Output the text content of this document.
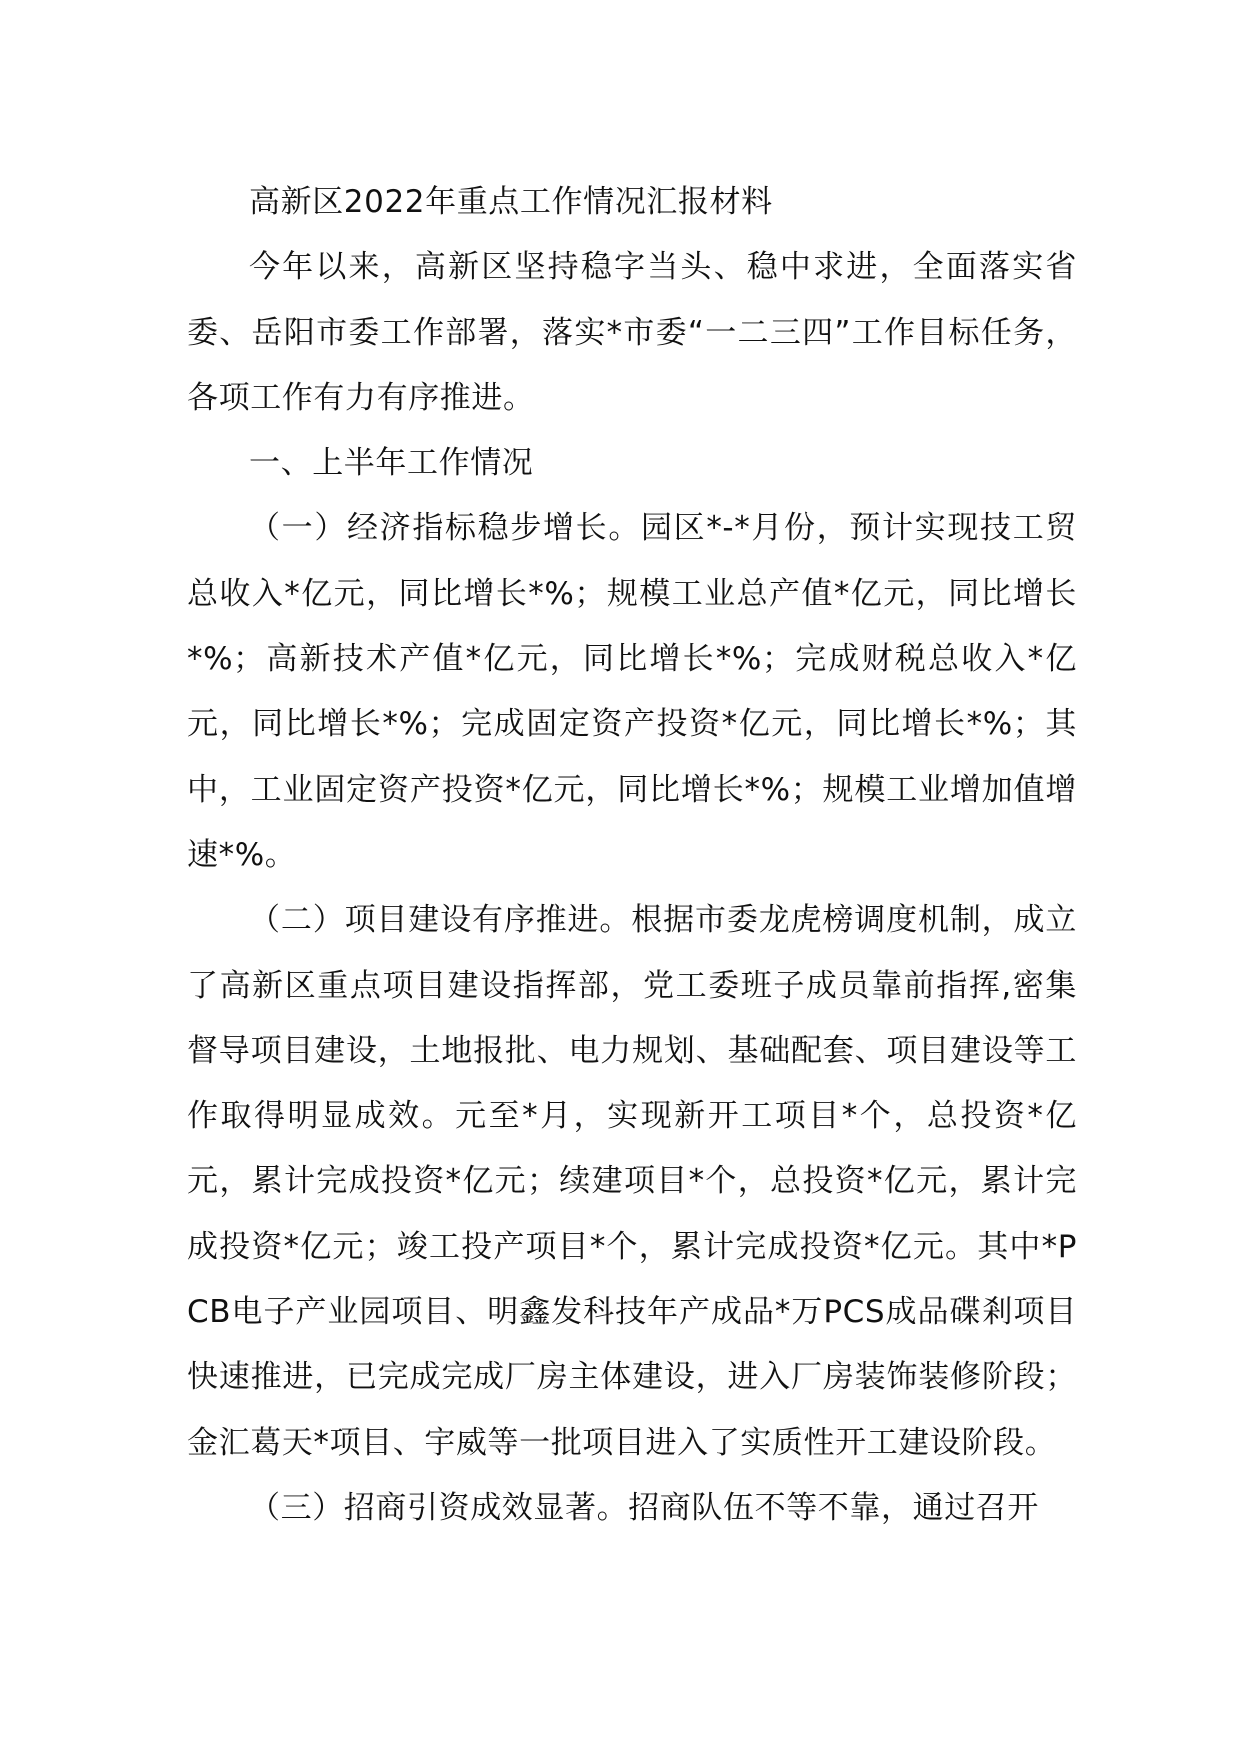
高新区2022年重点工作情况汇报材料

今年以来，高新区坚持稳字当头、稳中求进，全面落实省委、岳阳市委工作部署，落实*市委“一二三四”工作目标任务，各项工作有力有序推进。

一、上半年工作情况

（一）经济指标稳步增长。园区*-*月份，预计实现技工贸总收入*亿元，同比增长*%；规模工业总产值*亿元，同比增长*%；高新技术产值*亿元，同比增长*%；完成财税总收入*亿元，同比增长*%；完成固定资产投资*亿元，同比增长*%；其中，工业固定资产投资*亿元，同比增长*%；规模工业增加值增速*%。

（二）项目建设有序推进。根据市委龙虎榜调度机制，成立了高新区重点项目建设指挥部，党工委班子成员靠前指挥,密集督导项目建设，土地报批、电力规划、基础配套、项目建设等工作取得明显成效。元至*月，实现新开工项目*个，总投资*亿元，累计完成投资*亿元；续建项目*个，总投资*亿元，累计完成投资*亿元；竣工投产项目*个，累计完成投资*亿元。其中*PCB电子产业园项目、明鑫发科技年产成品*万PCS成品碟剎项目快速推进，已完成完成厂房主体建设，进入厂房装饰装修阶段；金汇葛天*项目、宇威等一批项目进入了实质性开工建设阶段。

（三）招商引资成效显著。招商队伍不等不靠，通过召开
